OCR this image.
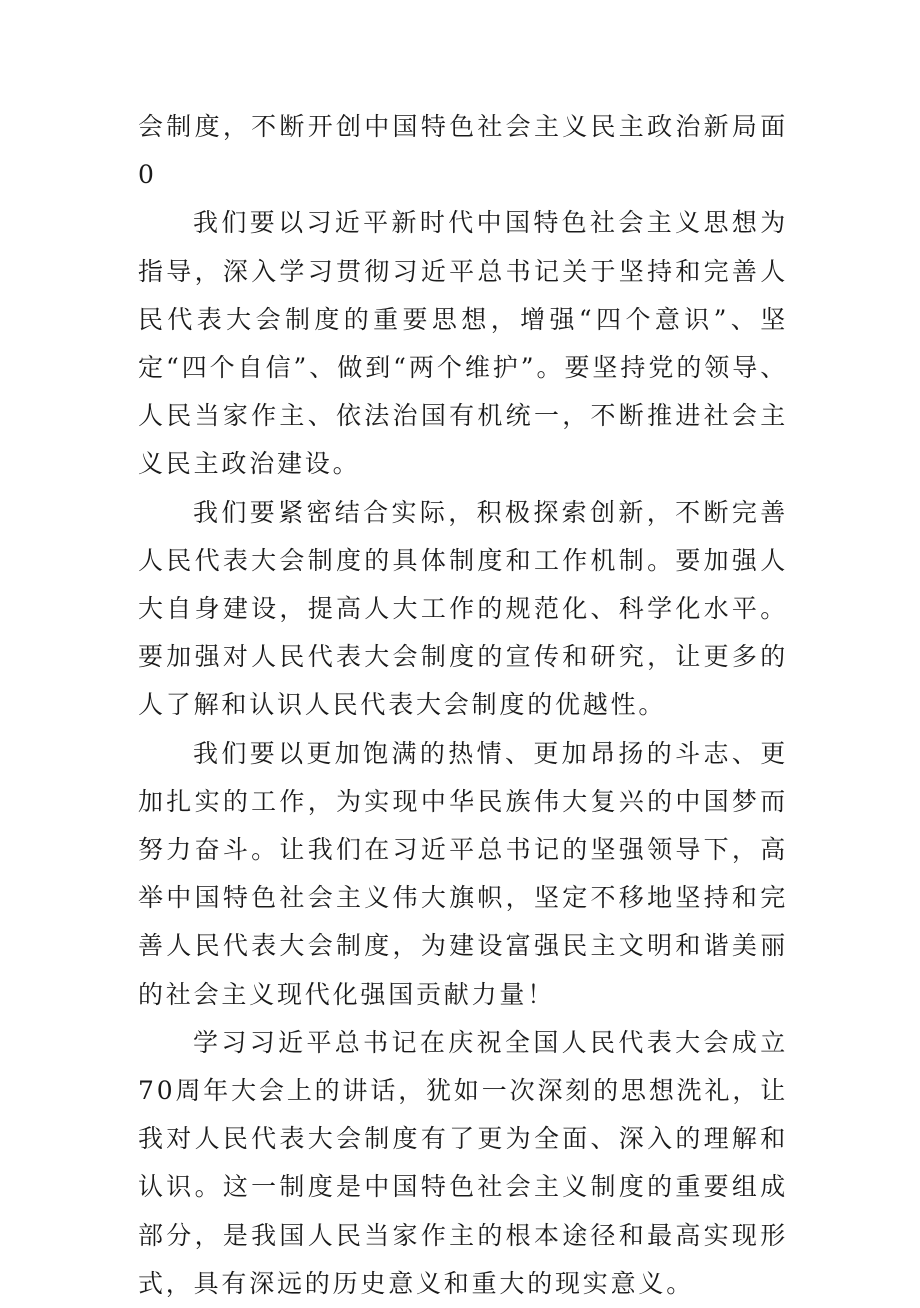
会制度，不断开创中国特色社会主义民主政治新局面0

我们要以习近平新时代中国特色社会主义思想为指导，深入学习贯彻习近平总书记关于坚持和完善人民代表大会制度的重要思想，增强“四个意识”、坚定“四个自信”、做到“两个维护”。要坚持党的领导、人民当家作主、依法治国有机统一，不断推进社会主义民主政治建设。

我们要紧密结合实际，积极探索创新，不断完善人民代表大会制度的具体制度和工作机制。要加强人大自身建设，提高人大工作的规范化、科学化水平。要加强对人民代表大会制度的宣传和研究，让更多的人了解和认识人民代表大会制度的优越性。

我们要以更加饱满的热情、更加昂扬的斗志、更加扎实的工作，为实现中华民族伟大复兴的中国梦而努力奋斗。让我们在习近平总书记的坚强领导下，高举中国特色社会主义伟大旗帜，坚定不移地坚持和完善人民代表大会制度，为建设富强民主文明和谐美丽的社会主义现代化强国贡献力量！

学习习近平总书记在庆祝全国人民代表大会成立70周年大会上的讲话，犹如一次深刻的思想洗礼，让我对人民代表大会制度有了更为全面、深入的理解和认识。这一制度是中国特色社会主义制度的重要组成部分，是我国人民当家作主的根本途径和最高实现形式，具有深远的历史意义和重大的现实意义。
